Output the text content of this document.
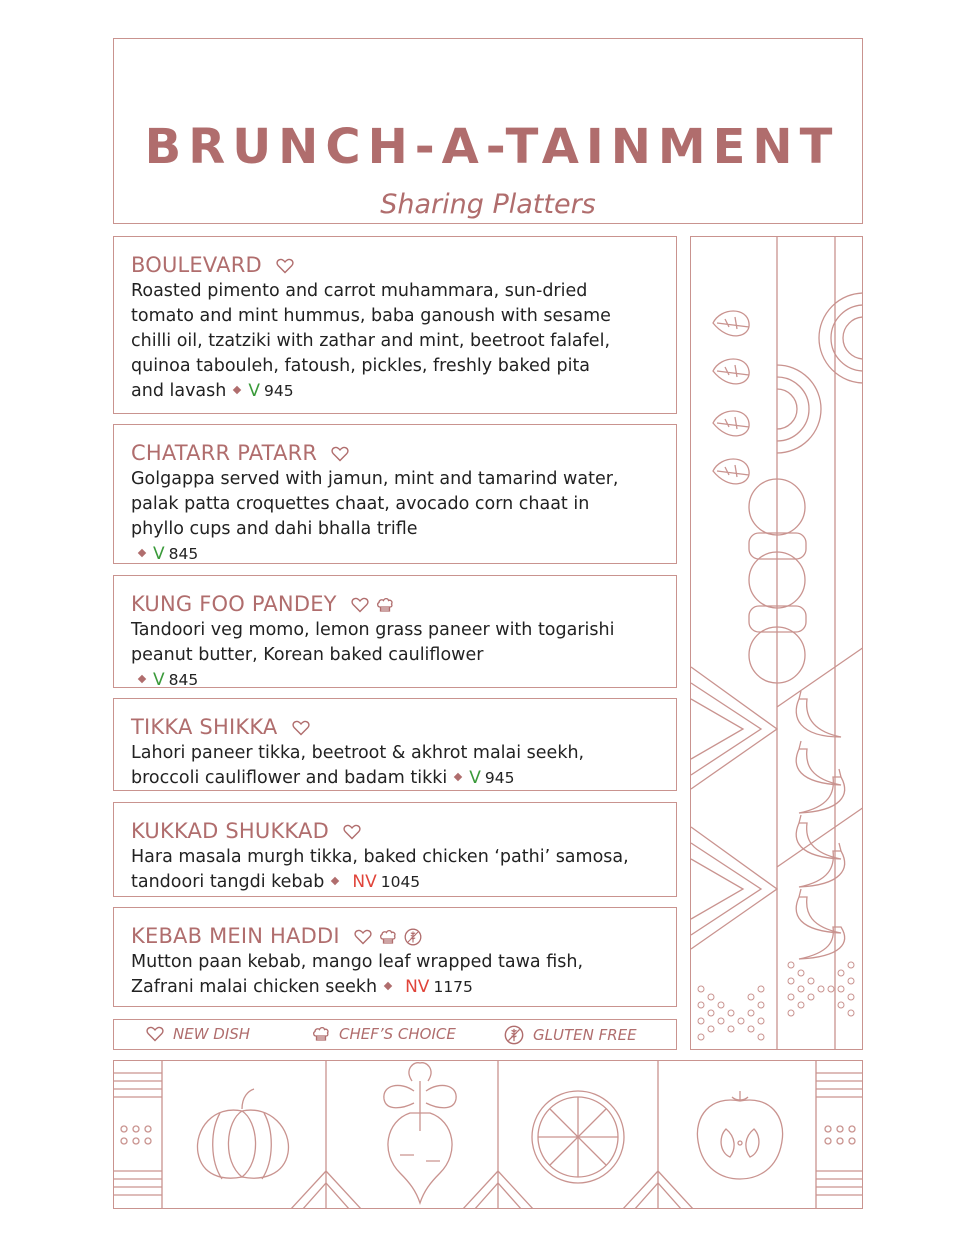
BRUNCH-A-TAINMENT
Sharing Platters
BOULEVARD
Roasted pimento and carrot muhammara, sun-dried
tomato and mint hummus, baba ganoush with sesame
chilli oil, tzatziki with zathar and mint, beetroot falafel,
quinoa tabouleh, fatoush, pickles, freshly baked pita
and lavash V 945
CHATARR PATARR
Golgappa served with jamun, mint and tamarind water,
palak patta croquettes chaat, avocado corn chaat in
phyllo cups and dahi bhalla trifle
V 845
KUNG FOO PANDEY
Tandoori veg momo, lemon grass paneer with togarishi
peanut butter, Korean baked cauliflower
V 845
TIKKA SHIKKA
Lahori paneer tikka, beetroot & akhrot malai seekh,
broccoli cauliflower and badam tikki V 945
KUKKAD SHUKKAD
Hara masala murgh tikka, baked chicken ‘pathi’ samosa,
tandoori tangdi kebab NV 1045
KEBAB MEIN HADDI
Mutton paan kebab, mango leaf wrapped tawa fish,
Zafrani malai chicken seekh NV 1175
NEW DISH	CHEF’S CHOICE	GLUTEN FREE
